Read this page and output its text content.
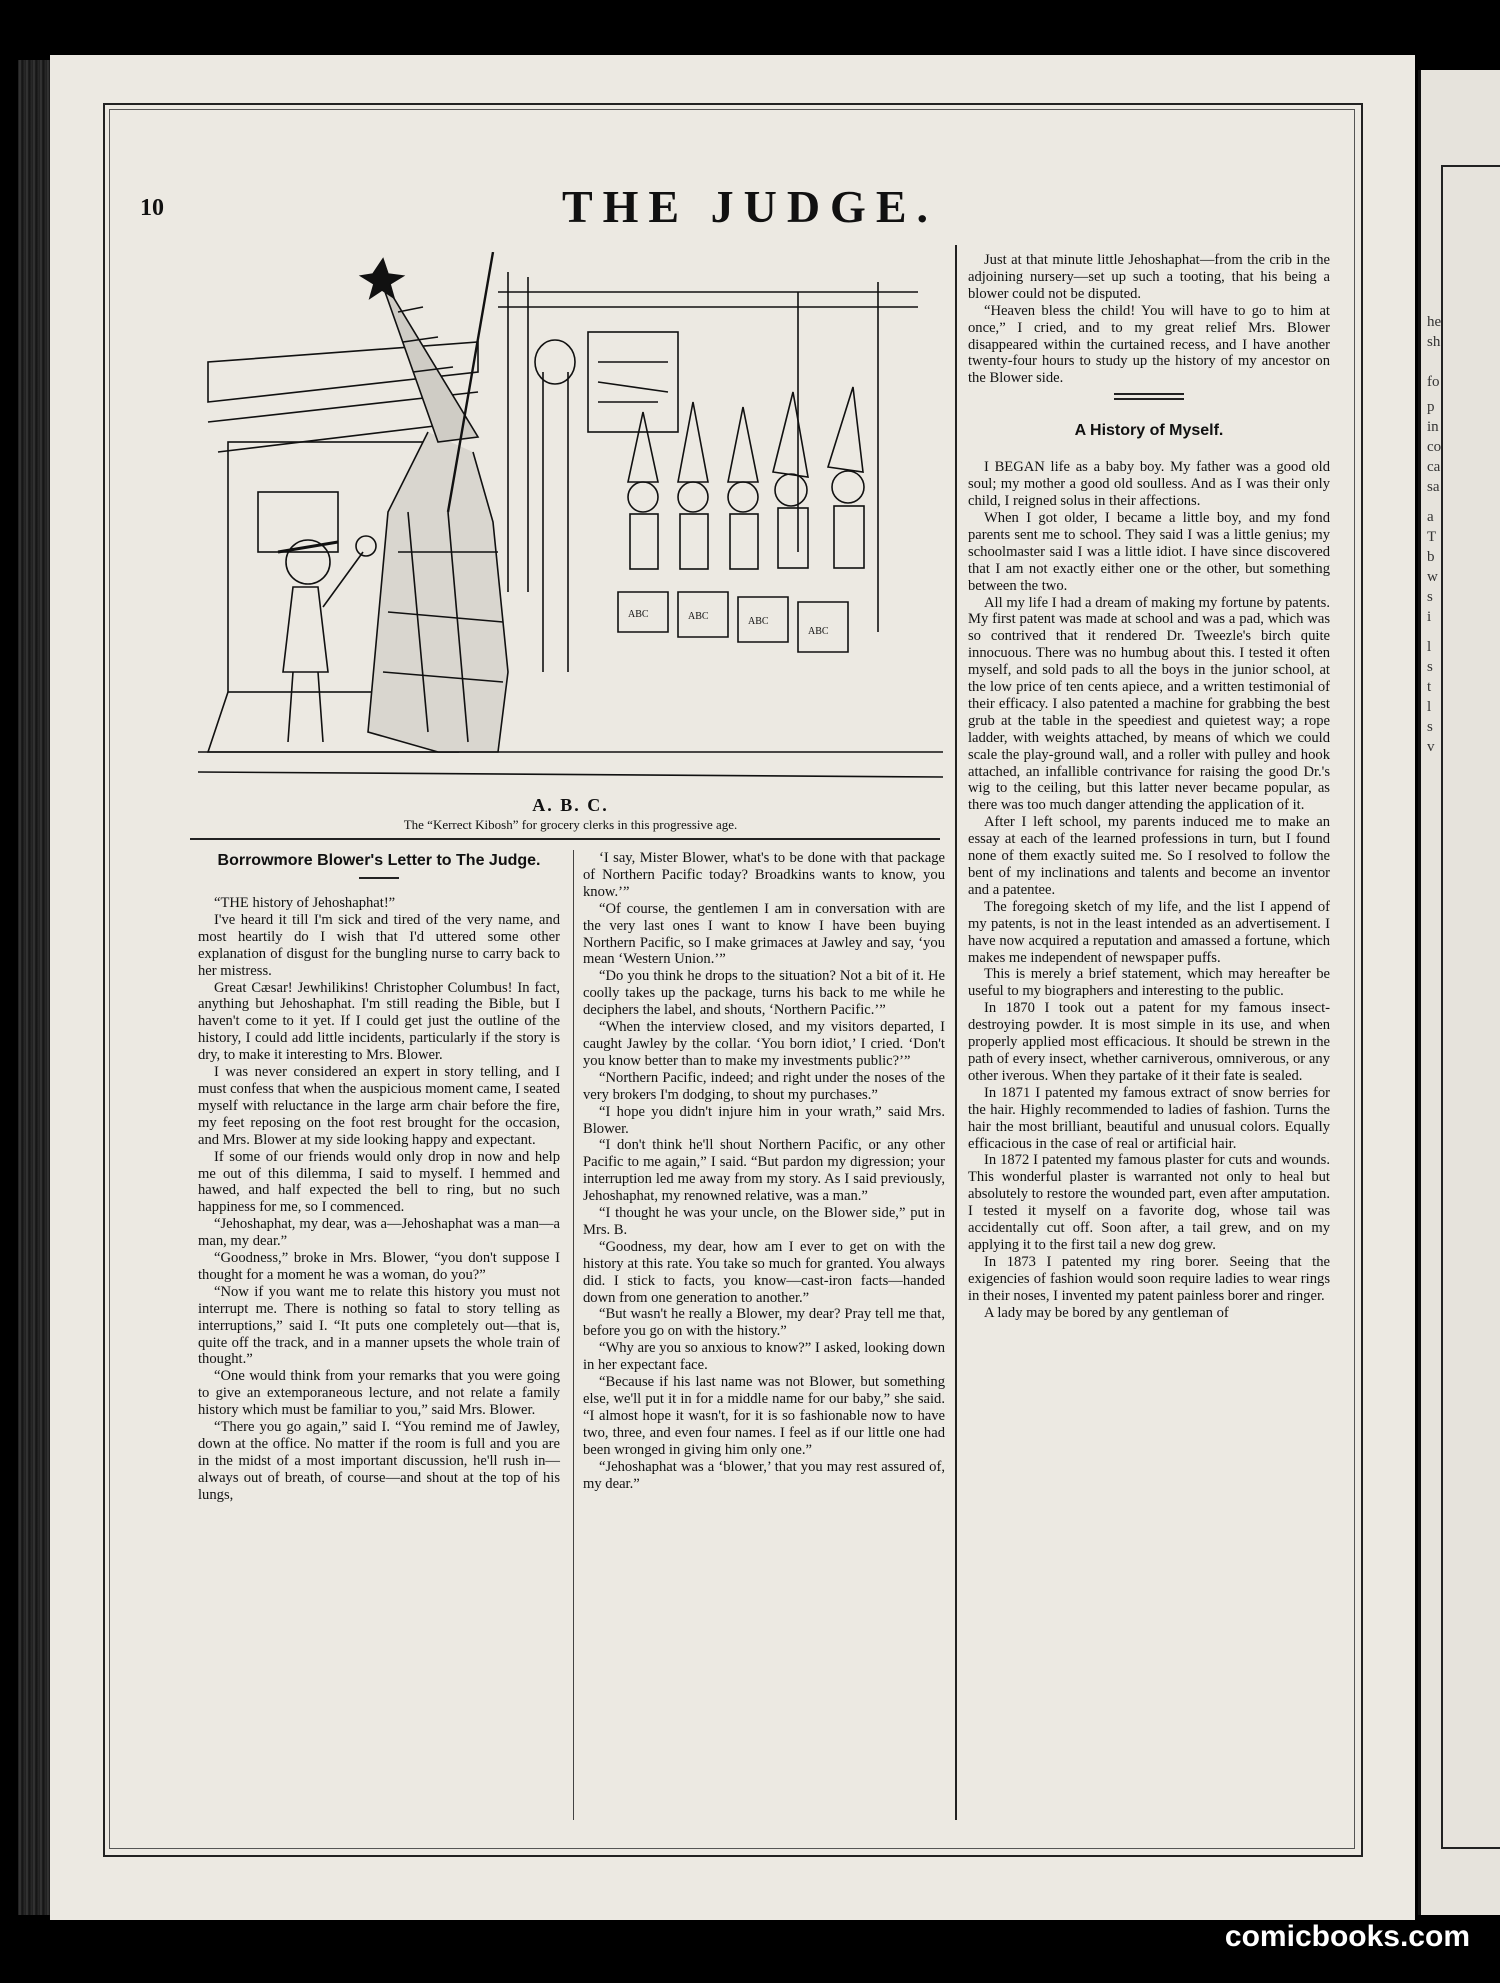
he
sh
fo
p
in
co
ca
sa
a
T
b
w
s
i
l
s
t
l
s
v
10	THE JUDGE.
ABC	ABC	ABC
ABC
A. B. C.
The “Kerrect Kibosh” for grocery clerks in this progressive age.
Borrowmore Blower's Letter to The Judge.

“THE history of Jehoshaphat!”

I've heard it till I'm sick and tired of the very name, and most heartily do I wish that I'd uttered some other explanation of disgust for the bungling nurse to carry back to her mistress.

Great Cæsar! Jewhilikins! Christopher Columbus! In fact, anything but Jehoshaphat. I'm still reading the Bible, but I haven't come to it yet. If I could get just the outline of the history, I could add little incidents, particularly if the story is dry, to make it interesting to Mrs. Blower.

I was never considered an expert in story telling, and I must confess that when the auspicious moment came, I seated myself with reluctance in the large arm chair before the fire, my feet reposing on the foot rest brought for the occasion, and Mrs. Blower at my side looking happy and expectant.

If some of our friends would only drop in now and help me out of this dilemma, I said to myself. I hemmed and hawed, and half expected the bell to ring, but no such happiness for me, so I commenced.

“Jehoshaphat, my dear, was a—Jehoshaphat was a man—a man, my dear.”

“Goodness,” broke in Mrs. Blower, “you don't suppose I thought for a moment he was a woman, do you?”

“Now if you want me to relate this history you must not interrupt me. There is nothing so fatal to story telling as interruptions,” said I. “It puts one completely out—that is, quite off the track, and in a manner upsets the whole train of thought.”

“One would think from your remarks that you were going to give an extemporaneous lecture, and not relate a family history which must be familiar to you,” said Mrs. Blower.

“There you go again,” said I. “You remind me of Jawley, down at the office. No matter if the room is full and you are in the midst of a most important discussion, he'll rush in—always out of breath, of course—and shout at the top of his lungs,

‘I say, Mister Blower, what's to be done with that package of Northern Pacific today? Broadkins wants to know, you know.’”

“Of course, the gentlemen I am in conversation with are the very last ones I want to know I have been buying Northern Pacific, so I make grimaces at Jawley and say, ‘you mean ‘Western Union.’”

“Do you think he drops to the situation? Not a bit of it. He coolly takes up the package, turns his back to me while he deciphers the label, and shouts, ‘Northern Pacific.’”

“When the interview closed, and my visitors departed, I caught Jawley by the collar. ‘You born idiot,’ I cried. ‘Don't you know better than to make my investments public?’”

“Northern Pacific, indeed; and right under the noses of the very brokers I'm dodging, to shout my purchases.”

“I hope you didn't injure him in your wrath,” said Mrs. Blower.

“I don't think he'll shout Northern Pacific, or any other Pacific to me again,” I said. “But pardon my digression; your interruption led me away from my story. As I said previously, Jehoshaphat, my renowned relative, was a man.”

“I thought he was your uncle, on the Blower side,” put in Mrs. B.

“Goodness, my dear, how am I ever to get on with the history at this rate. You take so much for granted. You always did. I stick to facts, you know—cast-iron facts—handed down from one generation to another.”

“But wasn't he really a Blower, my dear? Pray tell me that, before you go on with the history.”

“Why are you so anxious to know?” I asked, looking down in her expectant face.

“Because if his last name was not Blower, but something else, we'll put it in for a middle name for our baby,” she said. “I almost hope it wasn't, for it is so fashionable now to have two, three, and even four names. I feel as if our little one had been wronged in giving him only one.”

“Jehoshaphat was a ‘blower,’ that you may rest assured of, my dear.”

Just at that minute little Jehoshaphat—from the crib in the adjoining nursery—set up such a tooting, that his being a blower could not be disputed.

“Heaven bless the child! You will have to go to him at once,” I cried, and to my great relief Mrs. Blower disappeared within the curtained recess, and I have another twenty-four hours to study up the history of my ancestor on the Blower side.

A History of Myself.

I BEGAN life as a baby boy. My father was a good old soul; my mother a good old soulless. And as I was their only child, I reigned solus in their affections.

When I got older, I became a little boy, and my fond parents sent me to school. They said I was a little genius; my schoolmaster said I was a little idiot. I have since discovered that I am not exactly either one or the other, but something between the two.

All my life I had a dream of making my fortune by patents. My first patent was made at school and was a pad, which was so contrived that it rendered Dr. Tweezle's birch quite innocuous. There was no humbug about this. I tested it often myself, and sold pads to all the boys in the junior school, at the low price of ten cents apiece, and a written testimonial of their efficacy. I also patented a machine for grabbing the best grub at the table in the speediest and quietest way; a rope ladder, with weights attached, by means of which we could scale the play-ground wall, and a roller with pulley and hook attached, an infallible contrivance for raising the good Dr.'s wig to the ceiling, but this latter never became popular, as there was too much danger attending the application of it.

After I left school, my parents induced me to make an essay at each of the learned professions in turn, but I found none of them exactly suited me. So I resolved to follow the bent of my inclinations and talents and become an inventor and a patentee.

The foregoing sketch of my life, and the list I append of my patents, is not in the least intended as an advertisement. I have now acquired a reputation and amassed a fortune, which makes me independent of newspaper puffs.

This is merely a brief statement, which may hereafter be useful to my biographers and interesting to the public.

In 1870 I took out a patent for my famous insect-destroying powder. It is most simple in its use, and when properly applied most efficacious. It should be strewn in the path of every insect, whether carniverous, omniverous, or any other iverous. When they partake of it their fate is sealed.

In 1871 I patented my famous extract of snow berries for the hair. Highly recommended to ladies of fashion. Turns the hair the most brilliant, beautiful and unusual colors. Equally efficacious in the case of real or artificial hair.

In 1872 I patented my famous plaster for cuts and wounds. This wonderful plaster is warranted not only to heal but absolutely to restore the wounded part, even after amputation. I tested it myself on a favorite dog, whose tail was accidentally cut off. Soon after, a tail grew, and on my applying it to the first tail a new dog grew.

In 1873 I patented my ring borer. Seeing that the exigencies of fashion would soon require ladies to wear rings in their noses, I invented my patent painless borer and ringer.

A lady may be bored by any gentleman of

comicbooks.com
